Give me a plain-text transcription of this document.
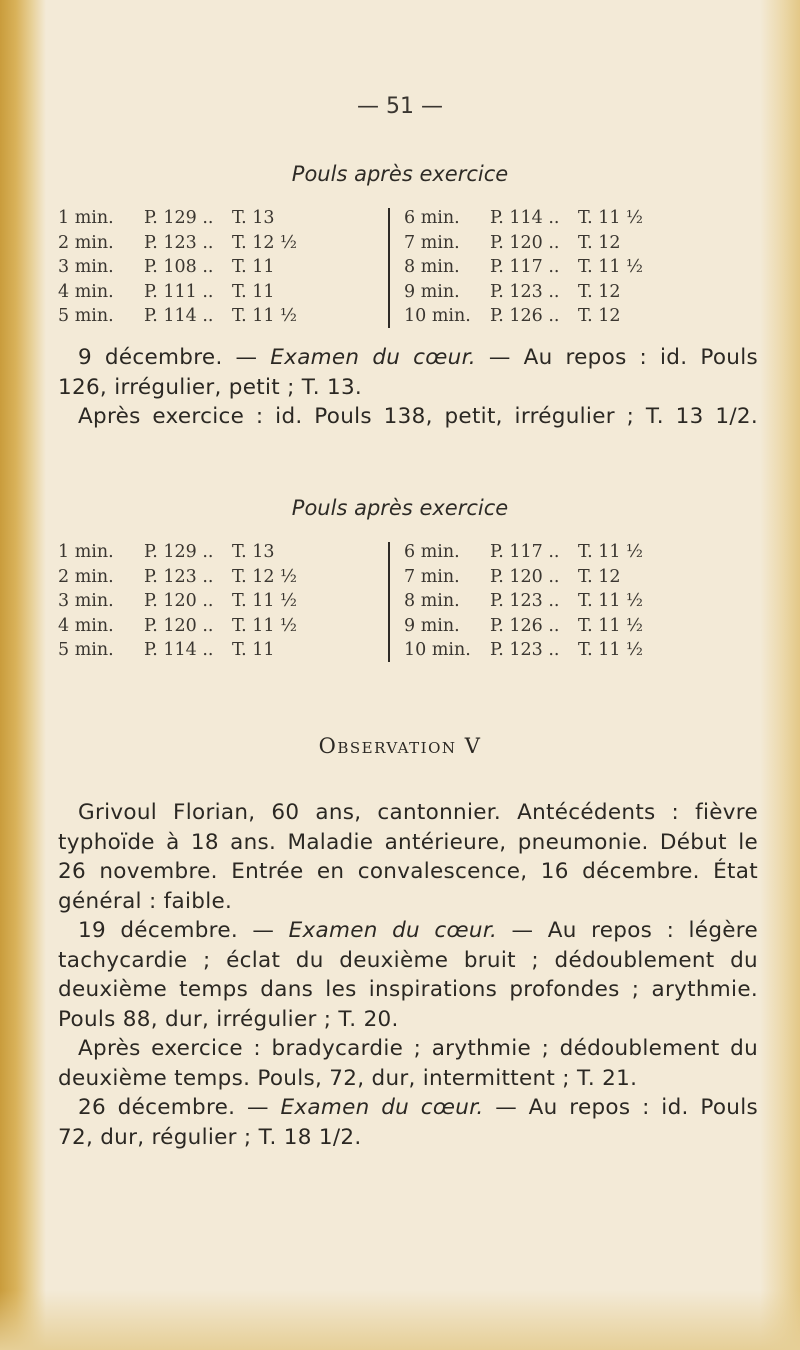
— 51 —
Pouls après exercice
1 min. P. 129 .. T. 13
2 min. P. 123 .. T. 12 ½
3 min. P. 108 .. T. 11
4 min. P. 111 .. T. 11
5 min. P. 114 .. T. 11 ½
6 min. P. 114 .. T. 11 ½
7 min. P. 120 .. T. 12
8 min. P. 117 .. T. 11 ½
9 min. P. 123 .. T. 12
10 min. P. 126 .. T. 12
9 décembre. — Examen du cœur. — Au repos : id. Pouls
126, irrégulier, petit ; T. 13.
Après exercice : id. Pouls 138, petit, irrégulier ; T. 13 1/2.
Pouls après exercice
1 min. P. 129 .. T. 13
2 min. P. 123 .. T. 12 ½
3 min. P. 120 .. T. 11 ½
4 min. P. 120 .. T. 11 ½
5 min. P. 114 .. T. 11
6 min. P. 117 .. T. 11 ½
7 min. P. 120 .. T. 12
8 min. P. 123 .. T. 11 ½
9 min. P. 126 .. T. 11 ½
10 min. P. 123 .. T. 11 ½
Observation V
Grivoul Florian, 60 ans, cantonnier. Antécédents : fièvre
typhoïde à 18 ans. Maladie antérieure, pneumonie. Début le
26 novembre. Entrée en convalescence, 16 décembre. État
général : faible.
19 décembre. — Examen du cœur. — Au repos : légère
tachycardie ; éclat du deuxième bruit ; dédoublement du
deuxième temps dans les inspirations profondes ; arythmie.
Pouls 88, dur, irrégulier ; T. 20.
Après exercice : bradycardie ; arythmie ; dédoublement du
deuxième temps. Pouls, 72, dur, intermittent ; T. 21.
26 décembre. — Examen du cœur. — Au repos : id. Pouls
72, dur, régulier ; T. 18 1/2.
